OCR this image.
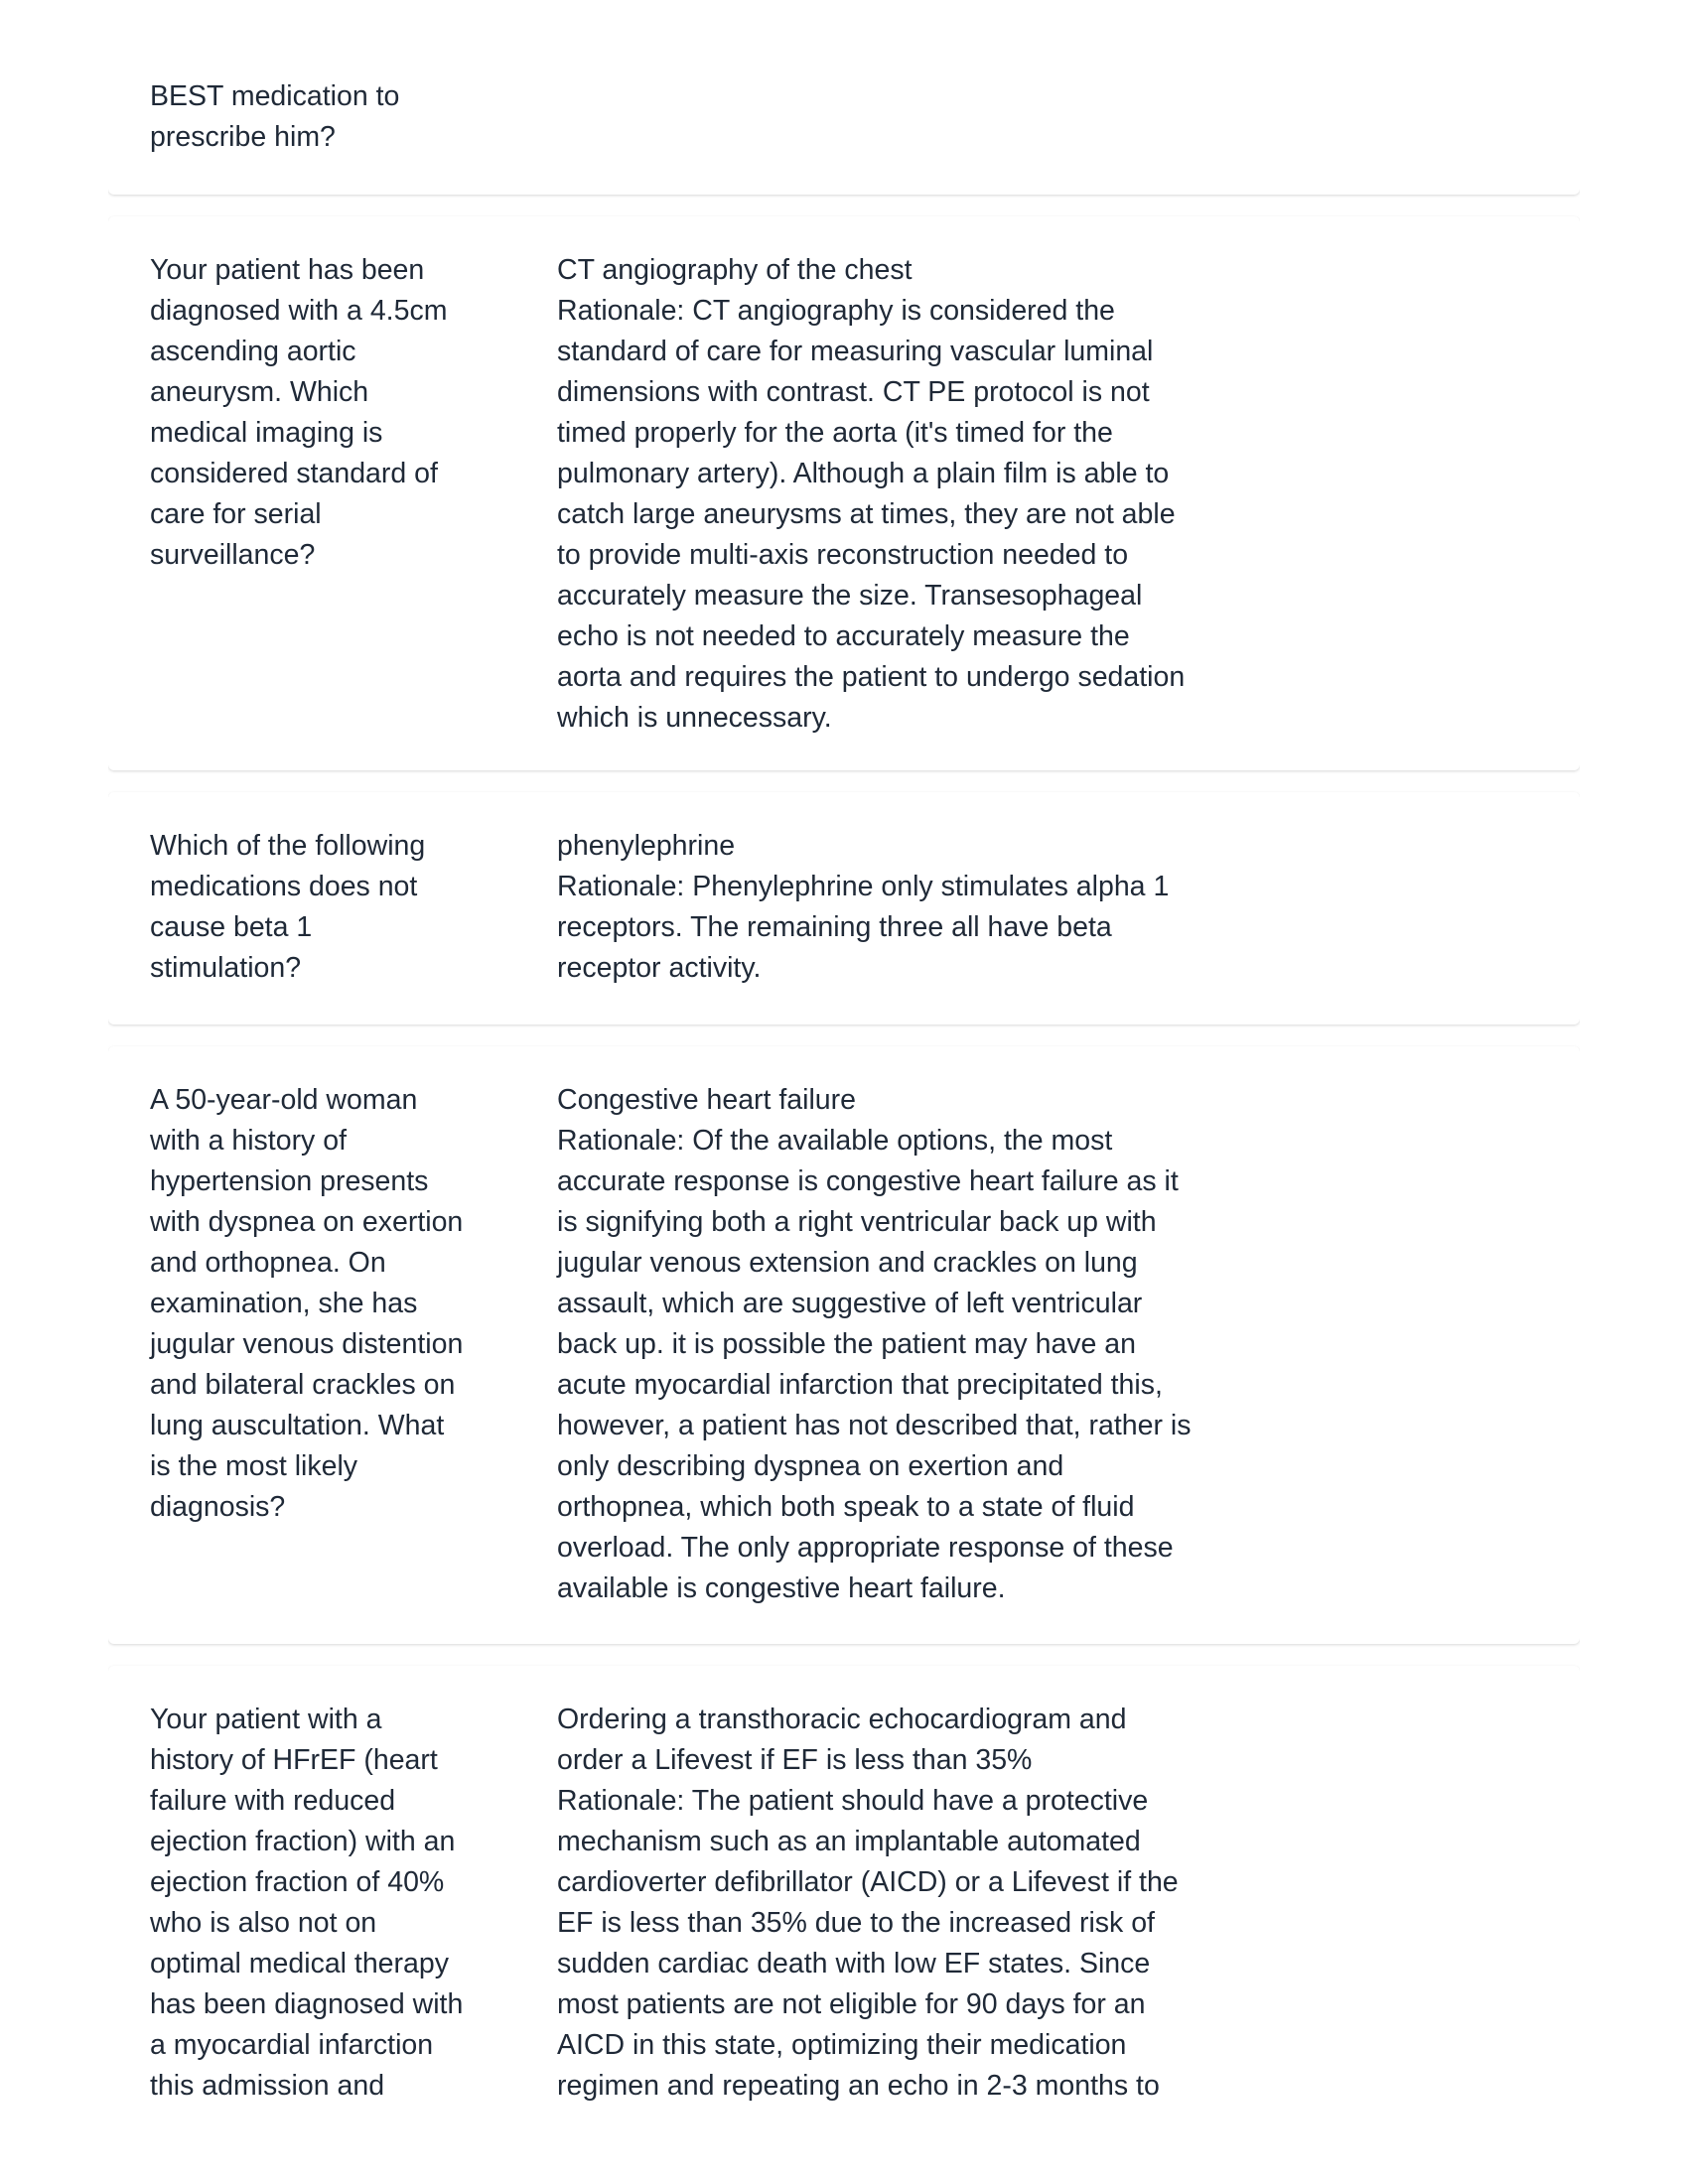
BEST medication to
prescribe him?
Your patient has been
diagnosed with a 4.5cm
ascending aortic
aneurysm. Which
medical imaging is
considered standard of
care for serial
surveillance?
CT angiography of the chest
Rationale: CT angiography is considered the
standard of care for measuring vascular luminal
dimensions with contrast. CT PE protocol is not
timed properly for the aorta (it's timed for the
pulmonary artery). Although a plain film is able to
catch large aneurysms at times, they are not able
to provide multi-axis reconstruction needed to
accurately measure the size. Transesophageal
echo is not needed to accurately measure the
aorta and requires the patient to undergo sedation
which is unnecessary.
Which of the following
medications does not
cause beta 1
stimulation?
phenylephrine
Rationale: Phenylephrine only stimulates alpha 1
receptors. The remaining three all have beta
receptor activity.
A 50-year-old woman
with a history of
hypertension presents
with dyspnea on exertion
and orthopnea. On
examination, she has
jugular venous distention
and bilateral crackles on
lung auscultation. What
is the most likely
diagnosis?
Congestive heart failure
Rationale: Of the available options, the most
accurate response is congestive heart failure as it
is signifying both a right ventricular back up with
jugular venous extension and crackles on lung
assault, which are suggestive of left ventricular
back up. it is possible the patient may have an
acute myocardial infarction that precipitated this,
however, a patient has not described that, rather is
only describing dyspnea on exertion and
orthopnea, which both speak to a state of fluid
overload. The only appropriate response of these
available is congestive heart failure.
Your patient with a
history of HFrEF (heart
failure with reduced
ejection fraction) with an
ejection fraction of 40%
who is also not on
optimal medical therapy
has been diagnosed with
a myocardial infarction
this admission and
Ordering a transthoracic echocardiogram and
order a Lifevest if EF is less than 35%
Rationale: The patient should have a protective
mechanism such as an implantable automated
cardioverter defibrillator (AICD) or a Lifevest if the
EF is less than 35% due to the increased risk of
sudden cardiac death with low EF states. Since
most patients are not eligible for 90 days for an
AICD in this state, optimizing their medication
regimen and repeating an echo in 2-3 months to
